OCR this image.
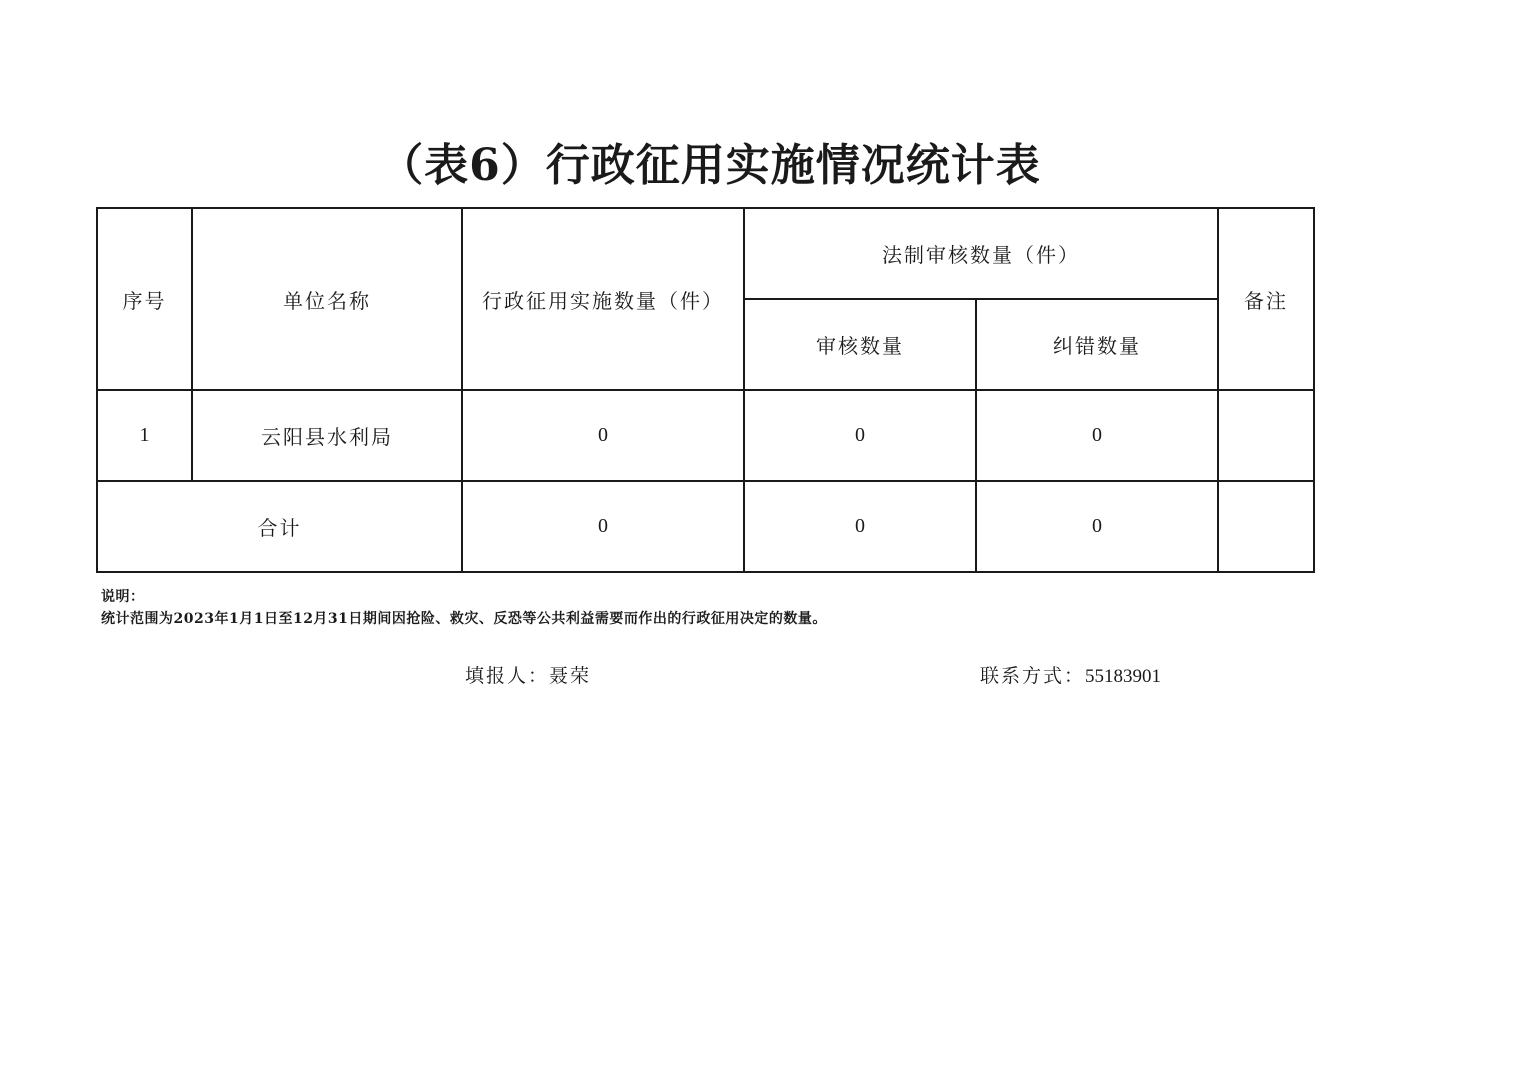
（表6）行政征用实施情况统计表
序号	单位名称	行政征用实施数量（件）	法制审核数量（件）		备注
			审核数量	纠错数量	
1	云阳县水利局	0	0	0	
合计		0	0	0	
说明：
统计范围为2023年1月1日至12月31日期间因抢险、救灾、反恐等公共利益需要而作出的行政征用决定的数量。
填报人：聂荣	联系方式：55183901
